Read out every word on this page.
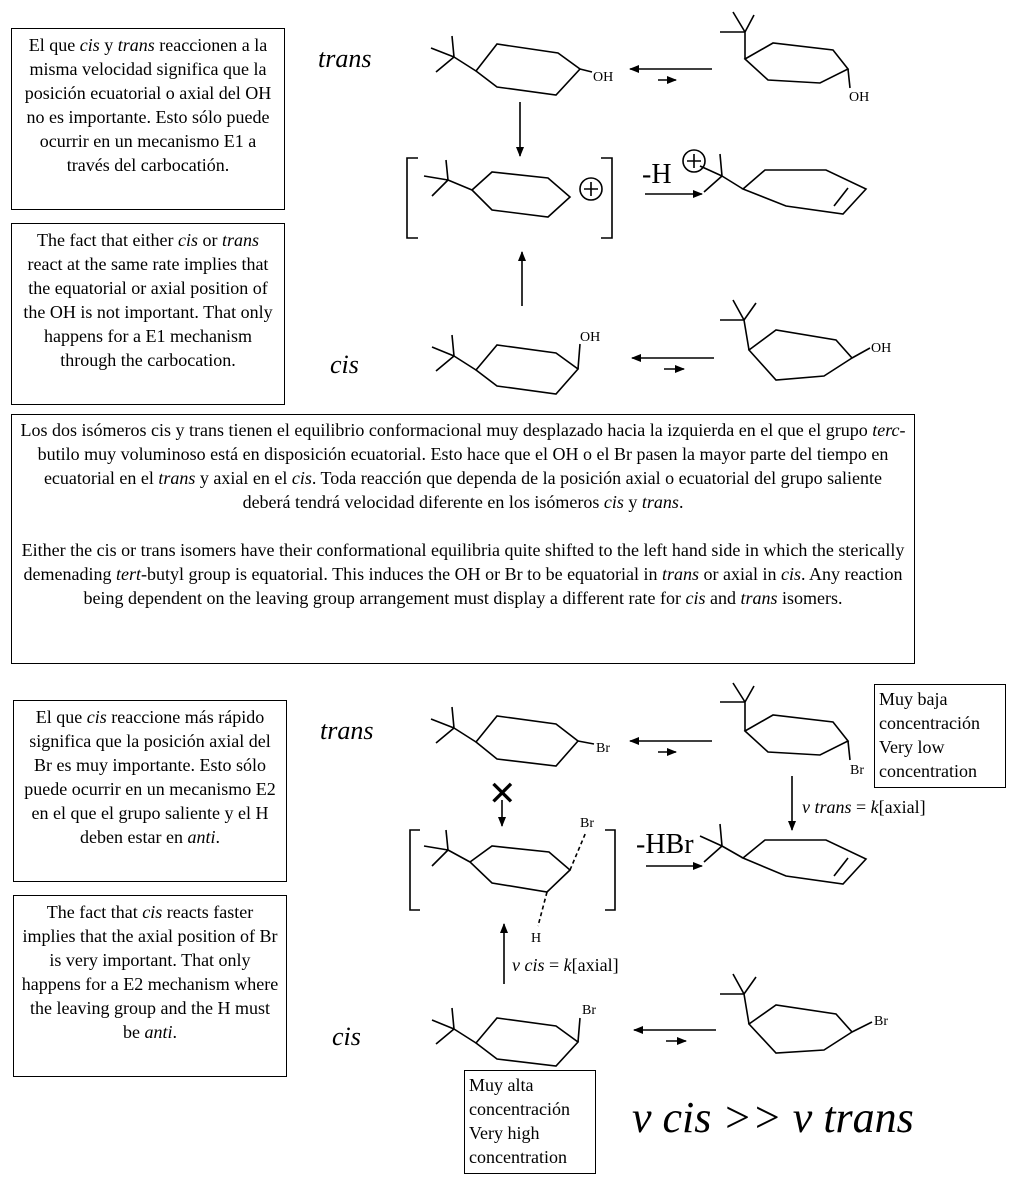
El que cis y trans reaccionen a la misma velocidad significa que la posición ecuatorial o axial del OH no es importante. Esto sólo puede ocurrir en un mecanismo E1 a través del carbocatión.
The fact that either cis or trans react at the same rate implies that the equatorial or axial position of the OH is not important. That only happens for a E1 mechanism through the carbocation.
trans
cis
Los dos isómeros cis y trans tienen el equilibrio conformacional muy desplazado hacia la izquierda en el que el grupo terc-butilo muy voluminoso está en disposición ecuatorial. Esto hace que el OH o el Br pasen la mayor parte del tiempo en ecuatorial en el trans y axial en el cis. Toda reacción que dependa de la posición axial o ecuatorial del grupo saliente deberá tendrá velocidad diferente en los isómeros cis y trans.
Either the cis or trans isomers have their conformational equilibria quite shifted to the left hand side in which the sterically demenading tert-butyl group is equatorial. This induces the OH or Br to be equatorial in trans or axial in cis. Any reaction being dependent on the leaving group arrangement must display a different rate for cis and trans isomers.
El que cis reaccione más rápido significa que la posición axial del Br es muy importante. Esto sólo puede ocurrir en un mecanismo E2 en el que el grupo saliente y el H deben estar en anti.
The fact that cis reacts faster implies that the axial position of Br is very important. That only happens for a E2 mechanism where the leaving group and the H must be anti.
trans
cis
Muy baja
concentración
Very low
concentration
Muy alta
concentración
Very high
concentration
v trans = k[axial]
v cis = k[axial]
v cis >> v trans
-H
-HBr
✕
OH
OH
OH
OH
Br
Br
Br
H
Br
Br
